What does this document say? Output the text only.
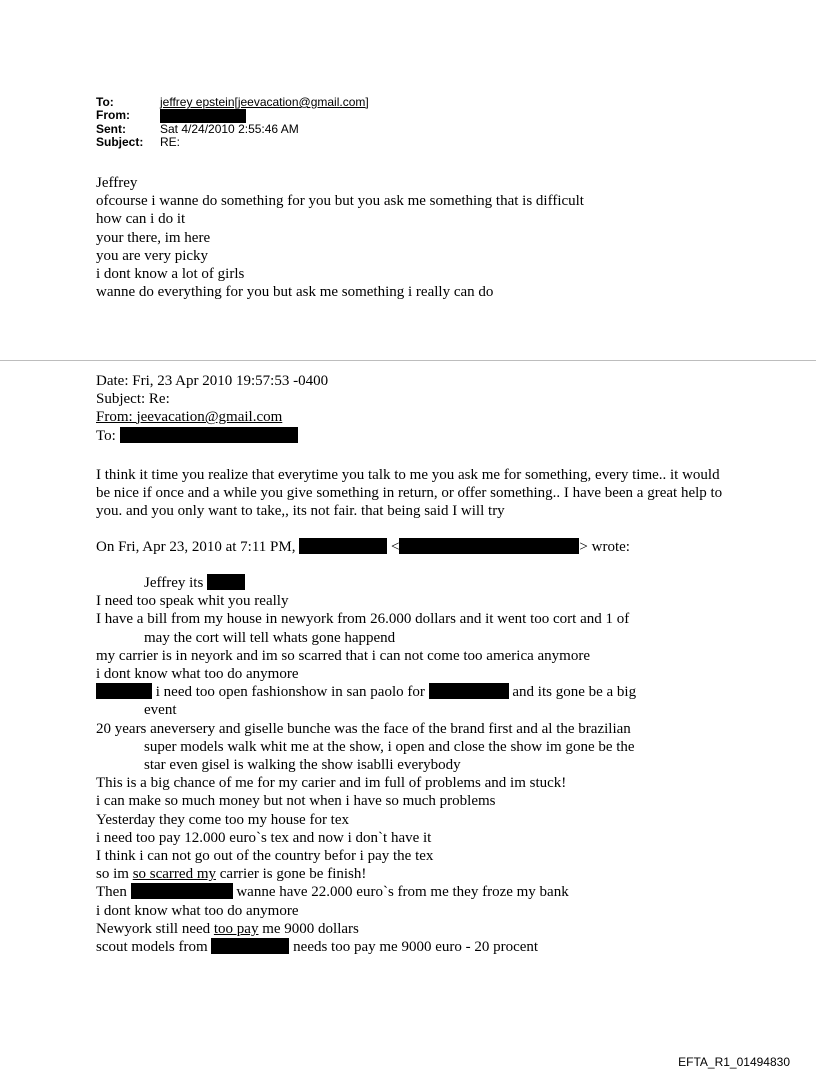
To:	jeffrey epstein[jeevacation@gmail.com]
From:
Sent:	Sat 4/24/2010 2:55:46 AM
Subject:	RE:
Jeffrey
ofcourse i wanne do something for you but you ask me something that is difficult
how can i do it
your there, im here
you are very picky
i dont know a lot of girls
wanne do everything for you but ask me something i really can do
Date: Fri, 23 Apr 2010 19:57:53 -0400
Subject: Re:
From: jeevacation@gmail.com
To:
I think it time you realize that everytime you talk to me you ask me for something, every time.. it would be nice if once and a while you give something in return, or offer something.. I have been a great help to you. and you only want to take,, its not fair. that being said I will try
On Fri, Apr 23, 2010 at 7:11 PM,	<	> wrote:
Jeffrey its
I need too speak whit you really
I have a bill from my house in newyork from 26.000 dollars and it went too cort and 1 of
may the cort will tell whats gone happend
my carrier is in neyork and im so scarred that i can not come too america anymore
i dont know what too do anymore
i need too open fashionshow in san paolo for	and its gone be a big
event
20 years aneversery and giselle bunche was the face of the brand first and al the brazilian
super models walk whit me at the show, i open and close the show im gone be the
star even gisel is walking the show isablli everybody
This is a big chance of me for my carier and im full of problems and im stuck!
i can make so much money but not when i have so much problems
Yesterday they come too my house for tex
i need too pay 12.000 euro`s tex and now i don`t have it
I think i can not go out of the country befor i pay the tex
so im so scarred my carrier is gone be finish!
Then	wanne have 22.000 euro`s from me they froze my bank
i dont know what too do anymore
Newyork still need too pay me 9000 dollars
scout models from	needs too pay me 9000 euro - 20 procent
EFTA_R1_01494830
